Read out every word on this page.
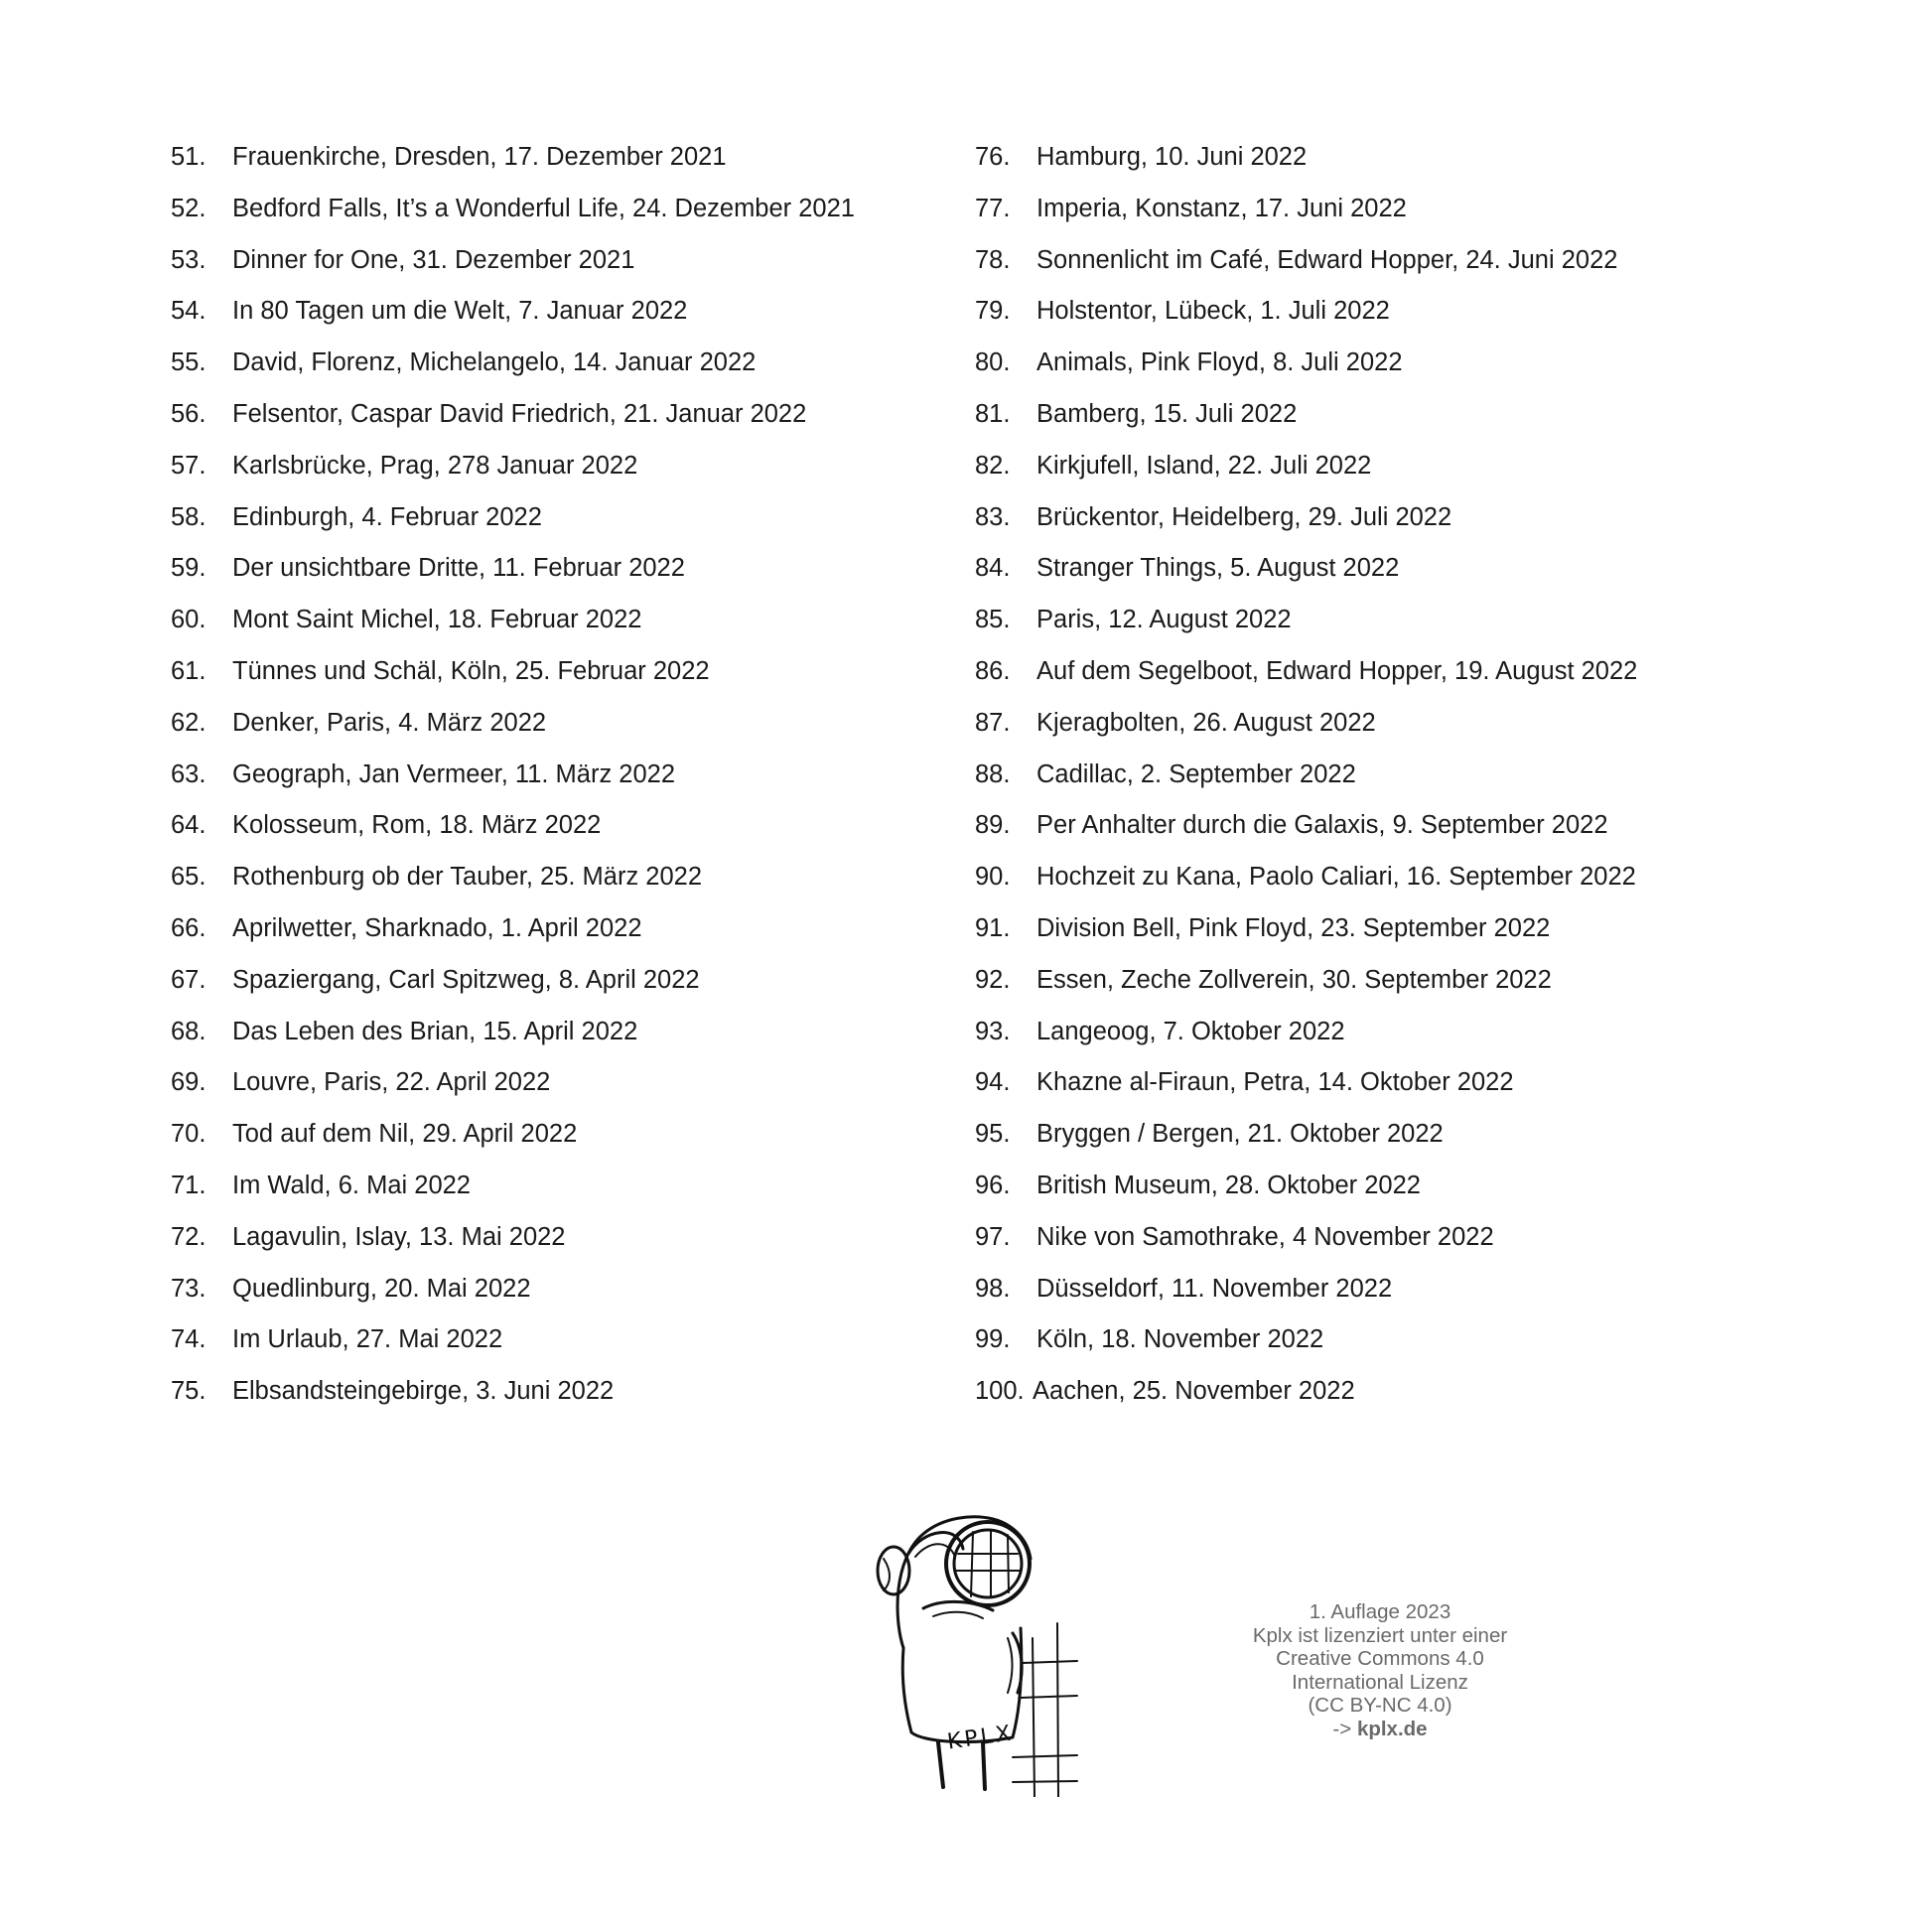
51.	Frauenkirche, Dresden, 17. Dezember 2021
52.	Bedford Falls, It’s a Wonderful Life, 24. Dezember 2021
53.	Dinner for One, 31. Dezember 2021
54.	In 80 Tagen um die Welt, 7. Januar 2022
55.	David, Florenz, Michelangelo, 14. Januar 2022
56.	Felsentor, Caspar David Friedrich, 21. Januar 2022
57.	Karlsbrücke, Prag, 278 Januar 2022
58.	Edinburgh, 4. Februar 2022
59.	Der unsichtbare Dritte, 11. Februar 2022
60.	Mont Saint Michel, 18. Februar 2022
61.	Tünnes und Schäl, Köln, 25. Februar 2022
62.	Denker, Paris, 4. März 2022
63.	Geograph, Jan Vermeer, 11. März 2022
64.	Kolosseum, Rom, 18. März 2022
65.	Rothenburg ob der Tauber, 25. März 2022
66.	Aprilwetter, Sharknado, 1. April 2022
67.	Spaziergang, Carl Spitzweg, 8. April 2022
68.	Das Leben des Brian, 15. April 2022
69.	Louvre, Paris, 22. April 2022
70.	Tod auf dem Nil, 29. April 2022
71.	Im Wald, 6. Mai 2022
72.	Lagavulin, Islay, 13. Mai 2022
73.	Quedlinburg, 20. Mai 2022
74.	Im Urlaub, 27. Mai 2022
75.	Elbsandsteingebirge, 3. Juni 2022
76.	Hamburg, 10. Juni 2022
77.	Imperia, Konstanz, 17. Juni 2022
78.	Sonnenlicht im Café, Edward Hopper, 24. Juni 2022
79.	Holstentor, Lübeck, 1. Juli 2022
80.	Animals, Pink Floyd, 8. Juli 2022
81.	Bamberg, 15. Juli 2022
82.	Kirkjufell, Island, 22. Juli 2022
83.	Brückentor, Heidelberg, 29. Juli 2022
84.	Stranger Things, 5. August 2022
85.	Paris, 12. August 2022
86.	Auf dem Segelboot, Edward Hopper, 19. August 2022
87.	Kjeragbolten, 26. August 2022
88.	Cadillac, 2. September 2022
89.	Per Anhalter durch die Galaxis, 9. September 2022
90.	Hochzeit zu Kana, Paolo Caliari, 16. September 2022
91.	Division Bell, Pink Floyd, 23. September 2022
92.	Essen, Zeche Zollverein, 30. September 2022
93.	Langeoog, 7. Oktober 2022
94.	Khazne al-Firaun, Petra, 14. Oktober 2022
95.	Bryggen / Bergen, 21. Oktober 2022
96.	British Museum, 28. Oktober 2022
97.	Nike von Samothrake, 4 November 2022
98.	Düsseldorf, 11. November 2022
99.	Köln, 18. November 2022
100. Aachen, 25. November 2022
KPLX
1. Auflage 2023
Kplx ist lizenziert unter einer
Creative Commons 4.0
International Lizenz
(CC BY-NC 4.0)
-> kplx.de
